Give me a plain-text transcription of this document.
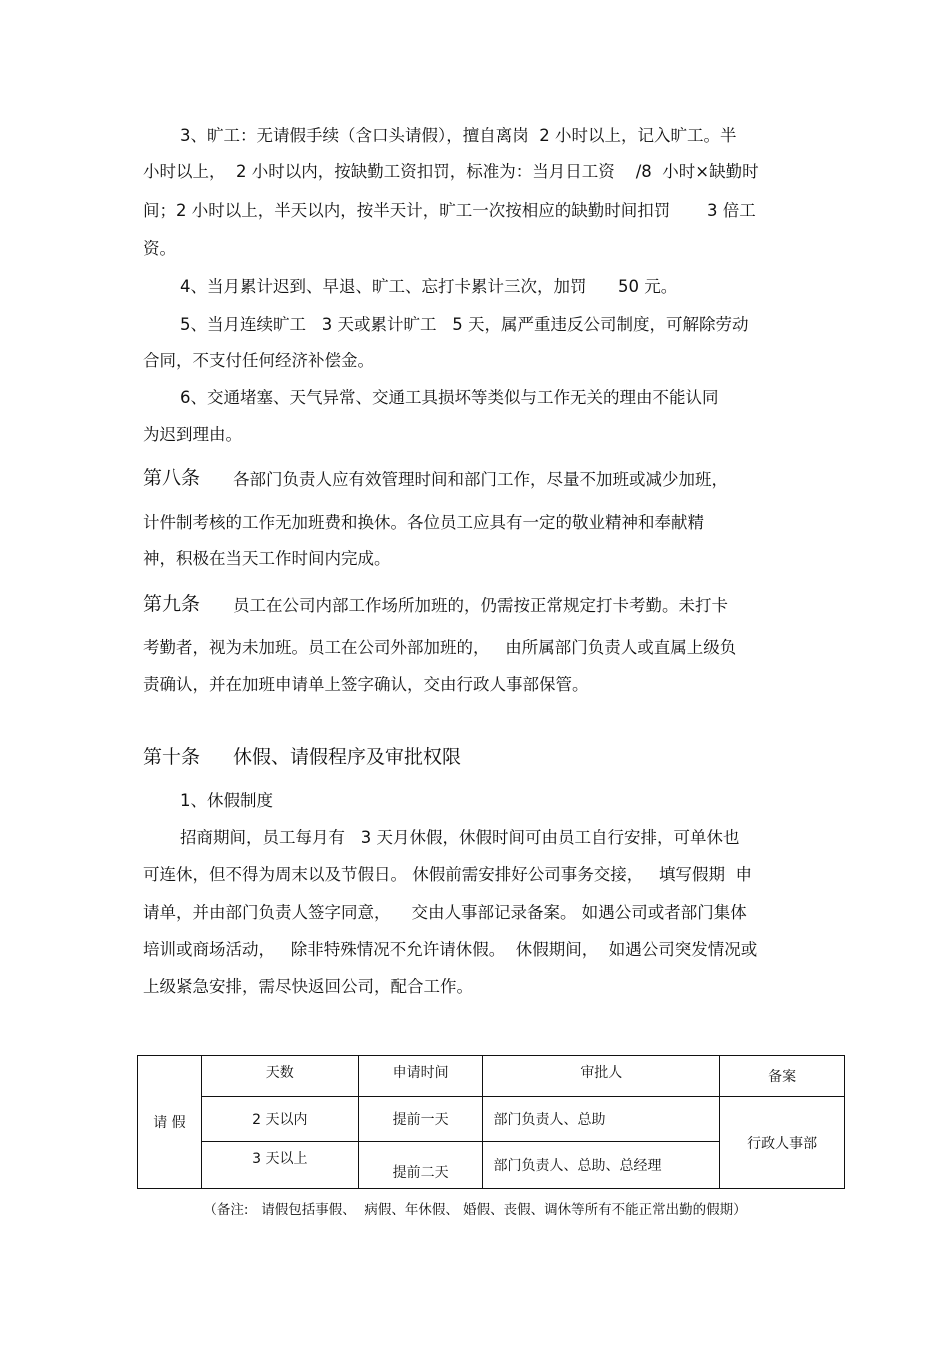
3、旷工：无请假手续（含口头请假），擅自离岗  2 小时以上，记入旷工。半
小时以上，  2 小时以内，按缺勤工资扣罚，标准为：当月日工资    /8  小时×缺勤时
间；2 小时以上，半天以内，按半天计，旷工一次按相应的缺勤时间扣罚       3 倍工
资。
4、当月累计迟到、早退、旷工、忘打卡累计三次，加罚      50 元。
5、当月连续旷工   3 天或累计旷工   5 天，属严重违反公司制度，可解除劳动
合同，不支付任何经济补偿金。
6、交通堵塞、天气异常、交通工具损坏等类似与工作无关的理由不能认同
为迟到理由。
第八条 各部门负责人应有效管理时间和部门工作，尽量不加班或减少加班，
计件制考核的工作无加班费和换休。各位员工应具有一定的敬业精神和奉献精
神，积极在当天工作时间内完成。
第九条 员工在公司内部工作场所加班的，仍需按正常规定打卡考勤。未打卡
考勤者，视为未加班。员工在公司外部加班的，   由所属部门负责人或直属上级负
责确认，并在加班申请单上签字确认，交由行政人事部保管。
第十条 休假、请假程序及审批权限
1、休假制度
招商期间，员工每月有   3 天月休假，休假时间可由员工自行安排，可单休也
可连休，但不得为周末以及节假日。 休假前需安排好公司事务交接，   填写假期  申
请单，并由部门负责人签字同意，    交由人事部记录备案。 如遇公司或者部门集体
培训或商场活动，   除非特殊情况不允许请休假。  休假期间，  如遇公司突发情况或
上级紧急安排，需尽快返回公司，配合工作。
请 假	天数	申请时间	审批人	备案
	2 天以内	提前一天	部门负责人、总助	行政人事部
	3 天以上	提前二天	部门负责人、总助、总经理	
（备注:   请假包括事假、  病假、年休假、 婚假、丧假、调休等所有不能正常出勤的假期）
